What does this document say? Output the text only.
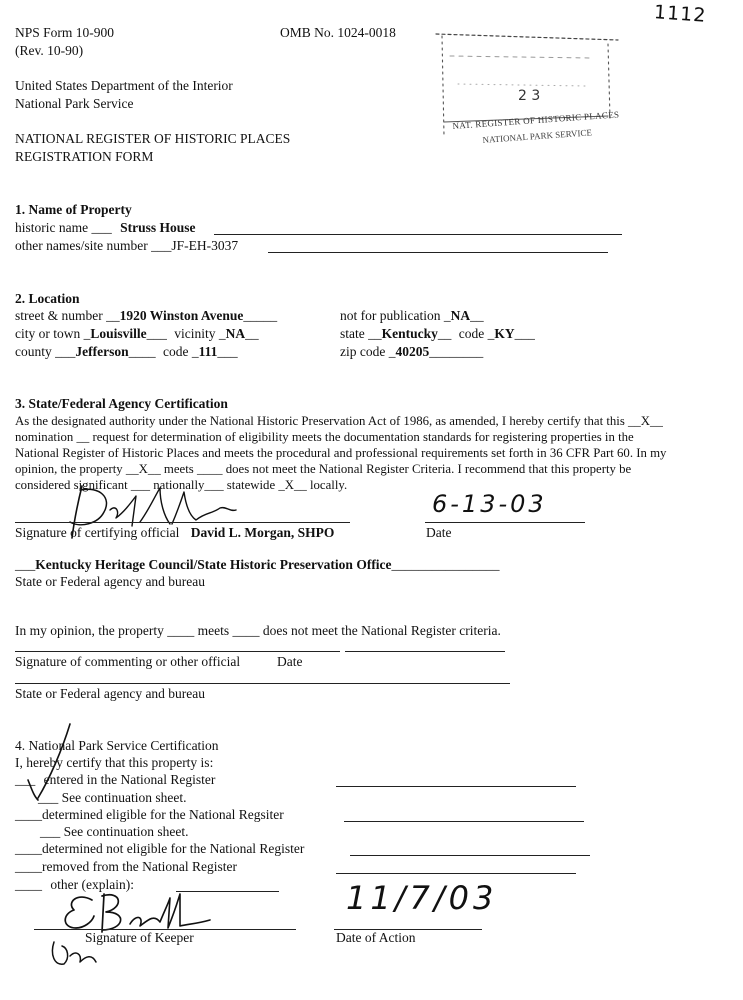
NPS Form 10-900
(Rev. 10-90)
OMB No. 1024-0018
United States Department of the Interior
National Park Service
NATIONAL REGISTER OF HISTORIC PLACES
REGISTRATION FORM
1112
2 3
NAT. REGISTER OF HISTORIC PLACES
NATIONAL PARK SERVICE
1. Name of Property
historic name ___ Struss House
other names/site number ___JF-EH-3037
2. Location
street & number __1920 Winston Avenue_____	not for publication _NA__
city or town _Louisville___ vicinity _NA__	state __Kentucky__ code _KY___
county ___Jefferson____ code _111___	zip code _40205________
3. State/Federal Agency Certification
As the designated authority under the National Historic Preservation Act of 1986, as amended, I hereby certify that this __X__
nomination __ request for determination of eligibility meets the documentation standards for registering properties in the
National Register of Historic Places and meets the procedural and professional requirements set forth in 36 CFR Part 60. In my
opinion, the property __X__ meets ____ does not meet the National Register Criteria. I recommend that this property be
considered significant ___ nationally___ statewide _X__ locally.
6-13-03
Signature of certifying official David L. Morgan, SHPO	Date
___Kentucky Heritage Council/State Historic Preservation Office________________
State or Federal agency and bureau
In my opinion, the property ____ meets ____ does not meet the National Register criteria.
Signature of commenting or other official	Date
State or Federal agency and bureau
4. National Park Service Certification
I, hereby certify that this property is:
___ entered in the National Register
___ See continuation sheet.
____determined eligible for the National Regsiter
___ See continuation sheet.
____determined not eligible for the National Register
____removed from the National Register
____ other (explain):
Signature of Keeper
11/7/03
Date of Action
